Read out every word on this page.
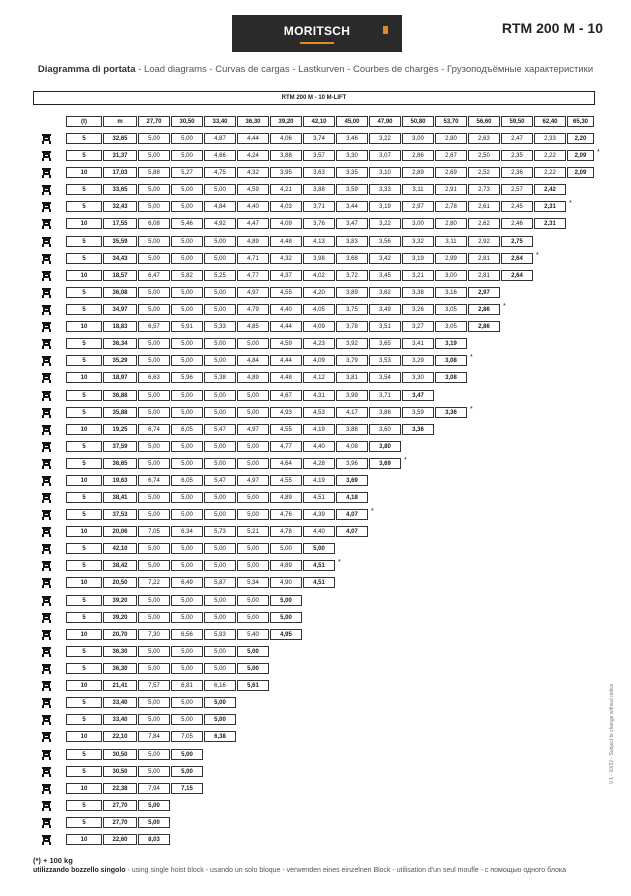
MORITSCH	RTM 200 M - 10
Diagramma di portata - Load diagrams - Curvas de cargas - Lastkurven - Courbes de charges - Грузоподъёмные характеристики
RTM 200 M - 10 M-LIFT
(t)	m	27,70	30,50	33,40	36,30	39,20	42,10	45,00	47,90	50,80	53,70	56,60	59,50	62,40	65,30
5	32,65	5,00	5,00	4,87	4,44	4,06	3,74	3,46	3,22	3,00	2,80	2,63	2,47	2,33	2,20
5	31,37	5,00	5,00	4,66	4,24	3,88	3,57	3,30	3,07	2,86	2,67	2,50	2,35	2,22	2,09	*
10	17,03	5,88	5,27	4,75	4,32	3,95	3,63	3,35	3,10	2,89	2,69	2,52	2,36	2,22	2,09
5	33,65	5,00	5,00	5,00	4,59	4,21	3,88	3,59	3,33	3,11	2,91	2,73	2,57	2,42
5	32,43	5,00	5,00	4,84	4,40	4,03	3,71	3,44	3,19	2,97	2,78	2,61	2,45	2,31	*
10	17,55	6,08	5,46	4,92	4,47	4,09	3,76	3,47	3,22	3,00	2,80	2,62	2,46	2,31
5	35,59	5,00	5,00	5,00	4,89	4,48	4,13	3,83	3,56	3,32	3,11	2,92	2,75
5	34,43	5,00	5,00	5,00	4,71	4,32	3,98	3,68	3,42	3,19	2,99	2,81	2,64	*
10	18,57	6,47	5,82	5,25	4,77	4,37	4,02	3,72	3,45	3,21	3,00	2,81	2,64
5	36,08	5,00	5,00	5,00	4,97	4,55	4,20	3,89	3,62	3,38	3,16	2,97
5	34,97	5,00	5,00	5,00	4,79	4,40	4,05	3,75	3,49	3,26	3,05	2,86	*
10	18,83	6,57	5,91	5,33	4,85	4,44	4,09	3,78	3,51	3,27	3,05	2,86
5	36,34	5,00	5,00	5,00	5,00	4,59	4,23	3,92	3,65	3,41	3,19
5	35,29	5,00	5,00	5,00	4,84	4,44	4,09	3,79	3,53	3,29	3,08	*
10	18,97	6,63	5,96	5,38	4,89	4,48	4,12	3,81	3,54	3,30	3,08
5	36,88	5,00	5,00	5,00	5,00	4,67	4,31	3,99	3,71	3,47
5	35,88	5,00	5,00	5,00	5,00	4,93	4,53	4,17	3,86	3,59	3,36	*
10	19,25	6,74	6,05	5,47	4,97	4,55	4,19	3,88	3,60	3,36
5	37,59	5,00	5,00	5,00	5,00	4,77	4,40	4,08	3,80
5	36,65	5,00	5,00	5,00	5,00	4,64	4,28	3,96	3,69	*
10	19,63	6,74	6,05	5,47	4,97	4,55	4,19	3,69
5	38,41	5,00	5,00	5,00	5,00	4,89	4,51	4,18
5	37,53	5,00	5,00	5,00	5,00	4,76	4,39	4,07	*
10	20,06	7,05	6,34	5,73	5,21	4,78	4,40	4,07
5	42,10	5,00	5,00	5,00	5,00	5,00	5,00
5	38,42	5,00	5,00	5,00	5,00	4,89	4,51	*
10	20,50	7,22	6,49	5,87	5,34	4,90	4,51
5	39,20	5,00	5,00	5,00	5,00	5,00
5	39,20	5,00	5,00	5,00	5,00	5,00
10	20,70	7,30	6,56	5,93	5,40	4,95
5	36,30	5,00	5,00	5,00	5,00
5	36,30	5,00	5,00	5,00	5,00
10	21,41	7,57	6,81	6,16	5,61
5	33,40	5,00	5,00	5,00
5	33,40	5,00	5,00	5,00
10	22,10	7,84	7,05	6,38
5	30,50	5,00	5,00
5	30,50	5,00	5,00
10	22,38	7,94	7,15
5	27,70	5,00
5	27,70	5,00
10	22,60	8,03
(*) + 100 kg
utilizzando bozzello singolo - using single hoist block - usando un solo bloque - verwenden eines einzelnen Block - utilisation d'un seul moufle - с помощью одного блока
V.1 - 10/22 - Subject to change without notice
